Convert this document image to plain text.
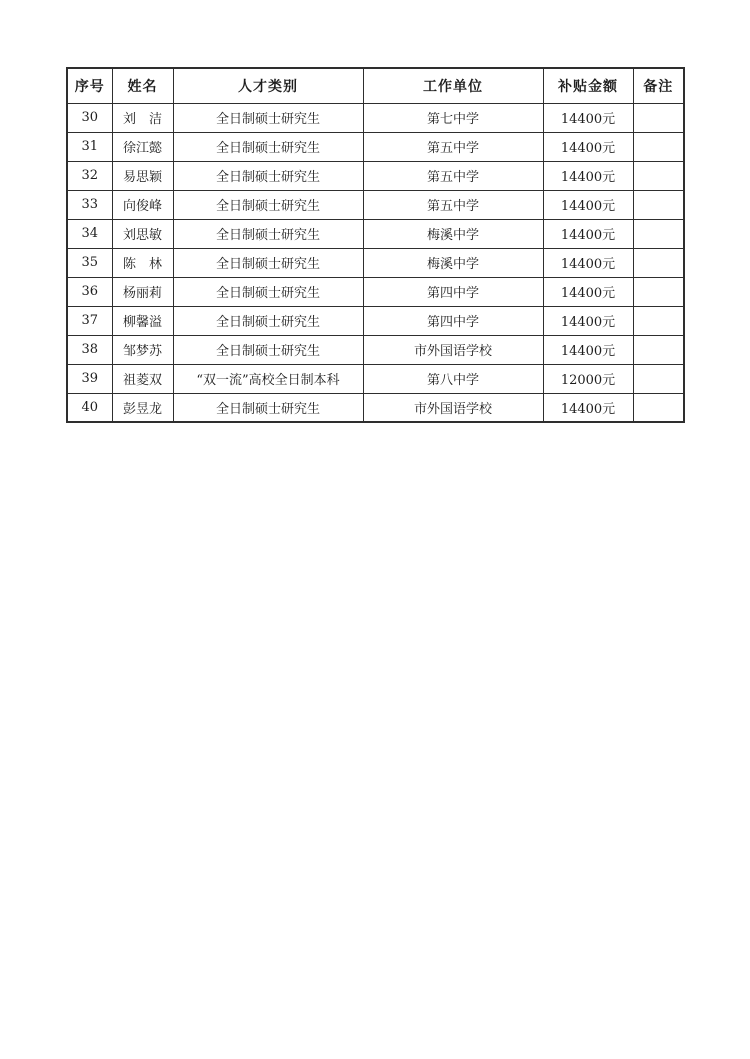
序号	姓名	人才类别	工作单位	补贴金额	备注
30	刘　洁	全日制硕士研究生	第七中学	14400元	
31	徐江懿	全日制硕士研究生	第五中学	14400元	
32	易思颖	全日制硕士研究生	第五中学	14400元	
33	向俊峰	全日制硕士研究生	第五中学	14400元	
34	刘思敏	全日制硕士研究生	梅溪中学	14400元	
35	陈　林	全日制硕士研究生	梅溪中学	14400元	
36	杨丽莉	全日制硕士研究生	第四中学	14400元	
37	柳馨溢	全日制硕士研究生	第四中学	14400元	
38	邹梦苏	全日制硕士研究生	市外国语学校	14400元	
39	祖菱双	“双一流”高校全日制本科	第八中学	12000元	
40	彭昱龙	全日制硕士研究生	市外国语学校	14400元	
